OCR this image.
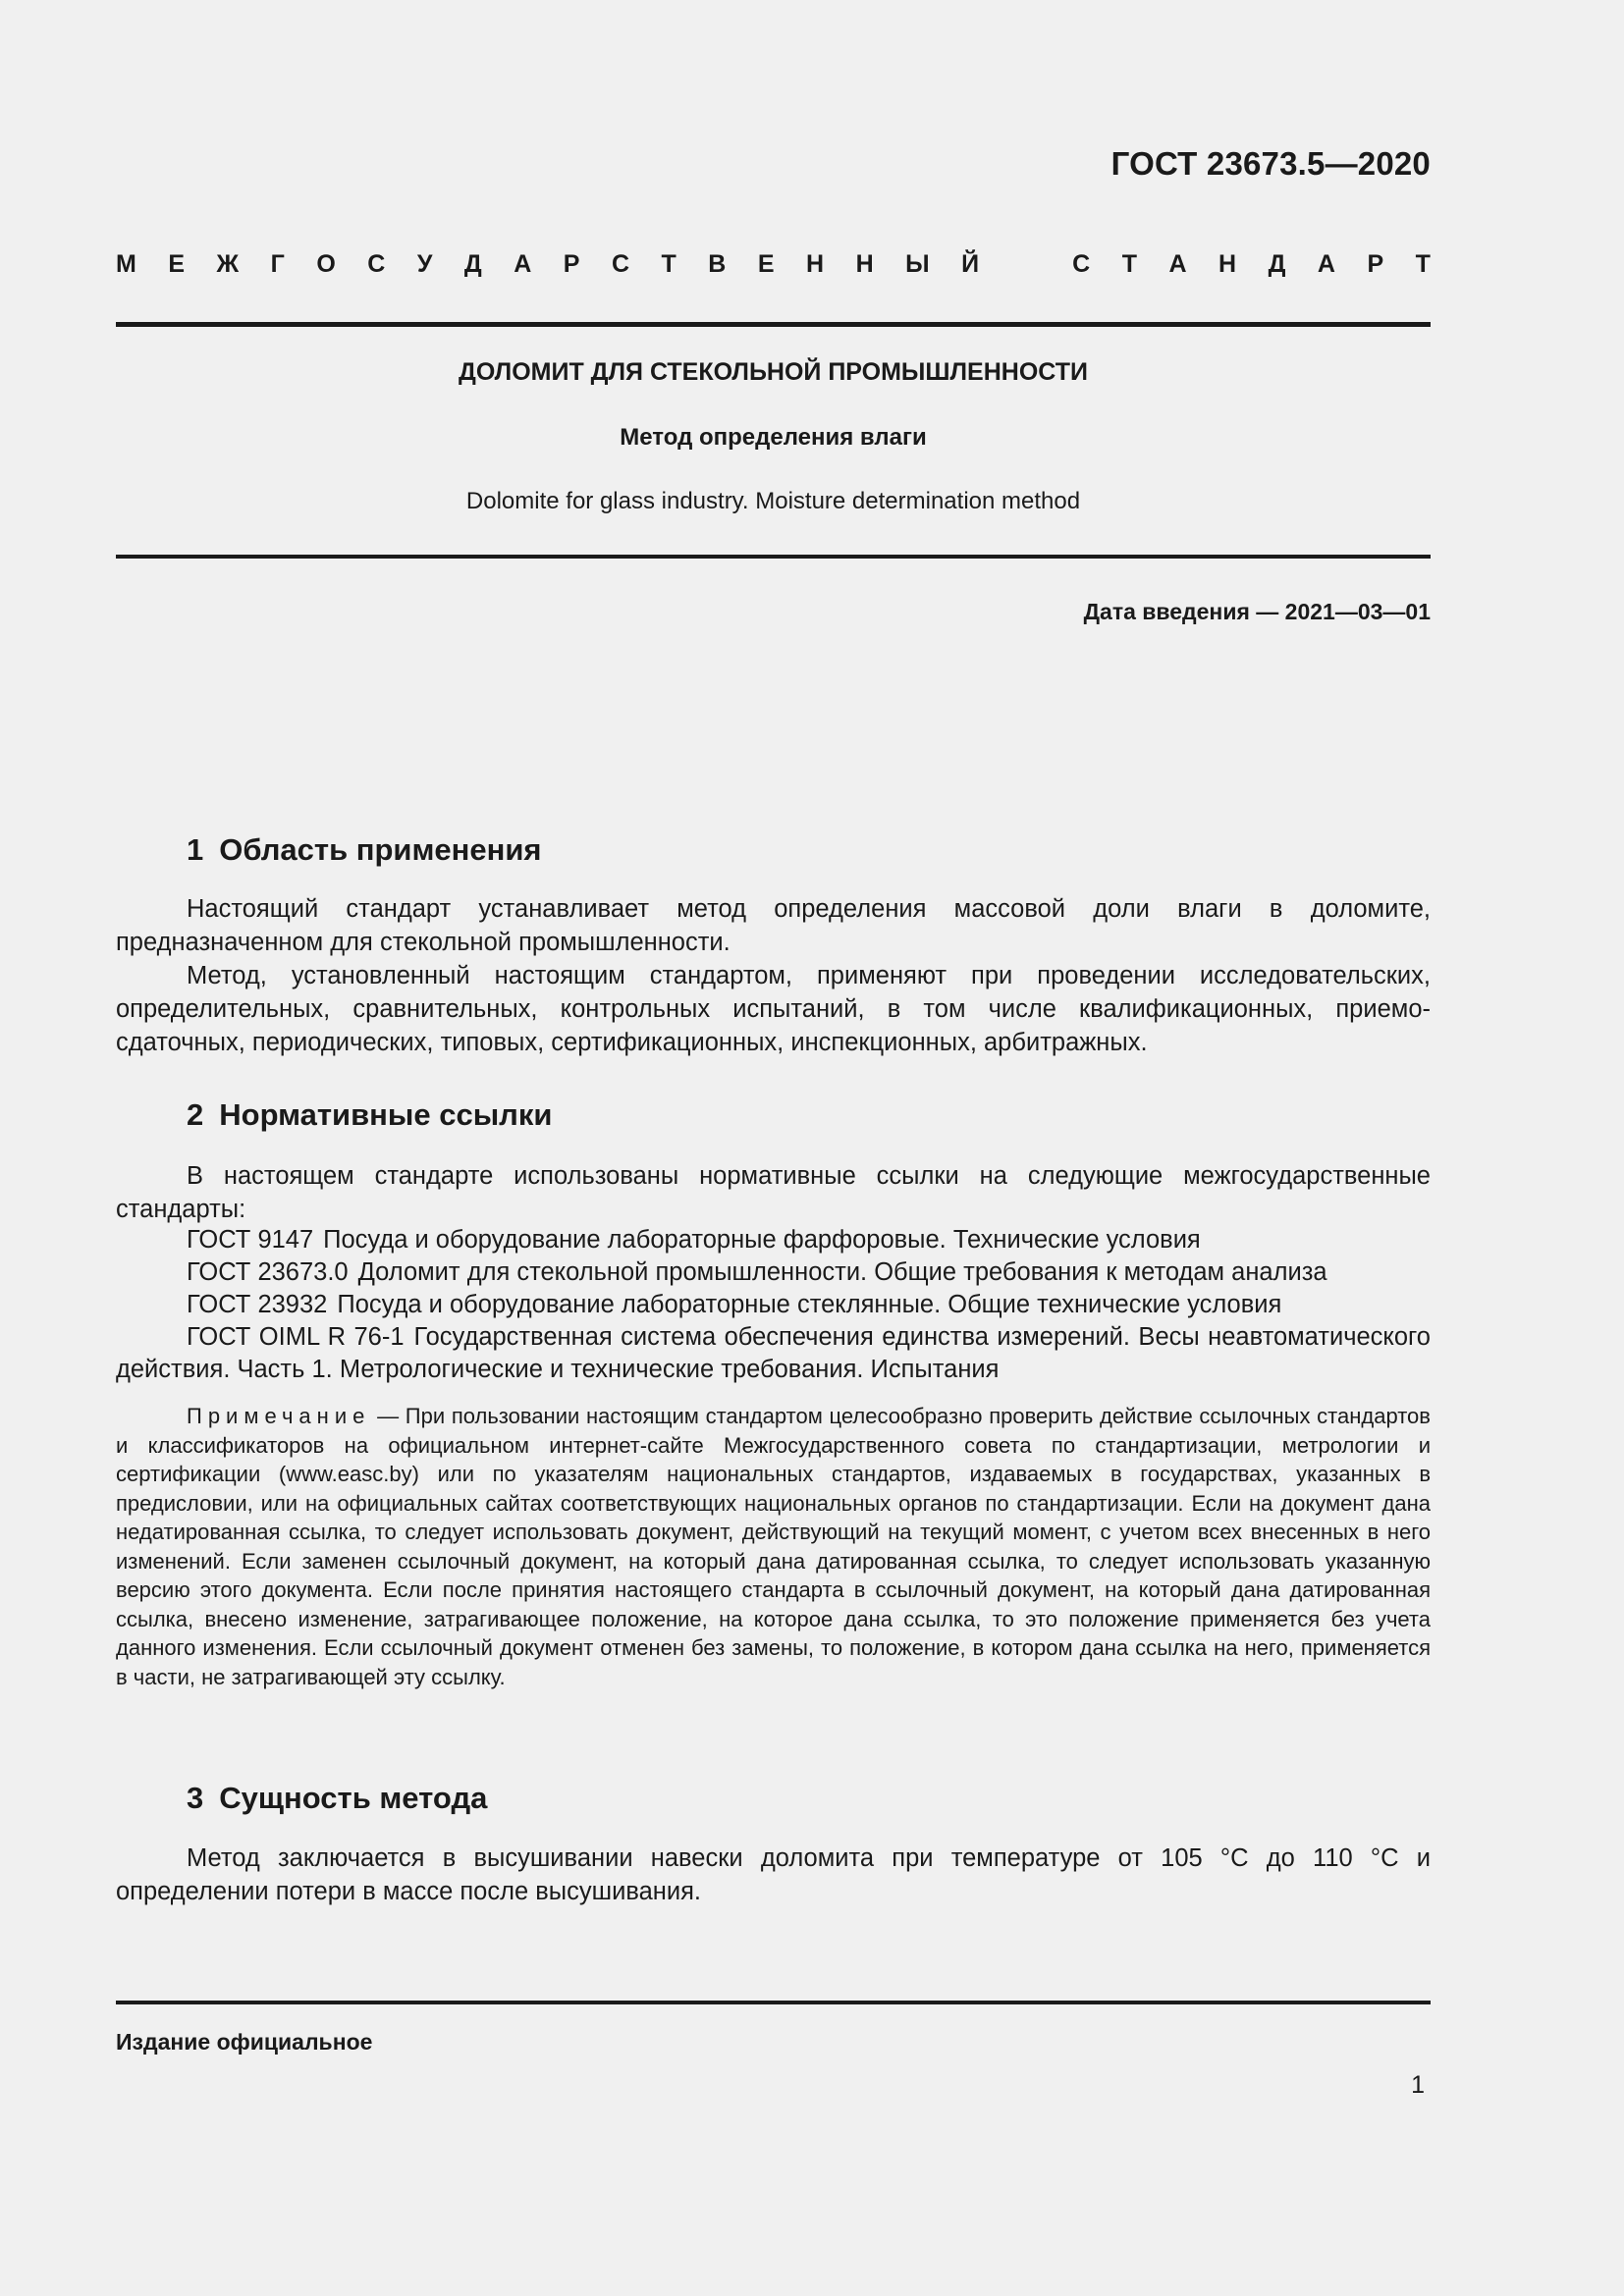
ГОСТ 23673.5—2020
М Е Ж Г О С У Д А Р С Т В Е Н Н Ы Й	С Т А Н Д А Р Т
ДОЛОМИТ ДЛЯ СТЕКОЛЬНОЙ ПРОМЫШЛЕННОСТИ
Метод определения влаги
Dolomite for glass industry. Moisture determination method
Дата введения — 2021—03—01
1 Область применения

Настоящий стандарт устанавливает метод определения массовой доли влаги в доломите, предназначенном для стекольной промышленности.

Метод, установленный настоящим стандартом, применяют при проведении исследовательских, определительных, сравнительных, контрольных испытаний, в том числе квалификационных, приемо-сдаточных, периодических, типовых, сертификационных, инспекционных, арбитражных.

2 Нормативные ссылки

В настоящем стандарте использованы нормативные ссылки на следующие межгосударственные стандарты:

ГОСТ 9147 Посуда и оборудование лабораторные фарфоровые. Технические условия
ГОСТ 23673.0 Доломит для стекольной промышленности. Общие требования к методам анализа
ГОСТ 23932 Посуда и оборудование лабораторные стеклянные. Общие технические условия
ГОСТ OIML R 76-1 Государственная система обеспечения единства измерений. Весы неавтоматического действия. Часть 1. Метрологические и технические требования. Испытания

Примечание — При пользовании настоящим стандартом целесообразно проверить действие ссылочных стандартов и классификаторов на официальном интернет-сайте Межгосударственного совета по стандартизации, метрологии и сертификации (www.easc.by) или по указателям национальных стандартов, издаваемых в государствах, указанных в предисловии, или на официальных сайтах соответствующих национальных органов по стандартизации. Если на документ дана недатированная ссылка, то следует использовать документ, действующий на текущий момент, с учетом всех внесенных в него изменений. Если заменен ссылочный документ, на который дана датированная ссылка, то следует использовать указанную версию этого документа. Если после принятия настоящего стандарта в ссылочный документ, на который дана датированная ссылка, внесено изменение, затрагивающее положение, на которое дана ссылка, то это положение применяется без учета данного изменения. Если ссылочный документ отменен без замены, то положение, в котором дана ссылка на него, применяется в части, не затрагивающей эту ссылку.

3 Сущность метода

Метод заключается в высушивании навески доломита при температуре от 105 °С до 110 °С и определении потери в массе после высушивания.

Издание официальное
1
